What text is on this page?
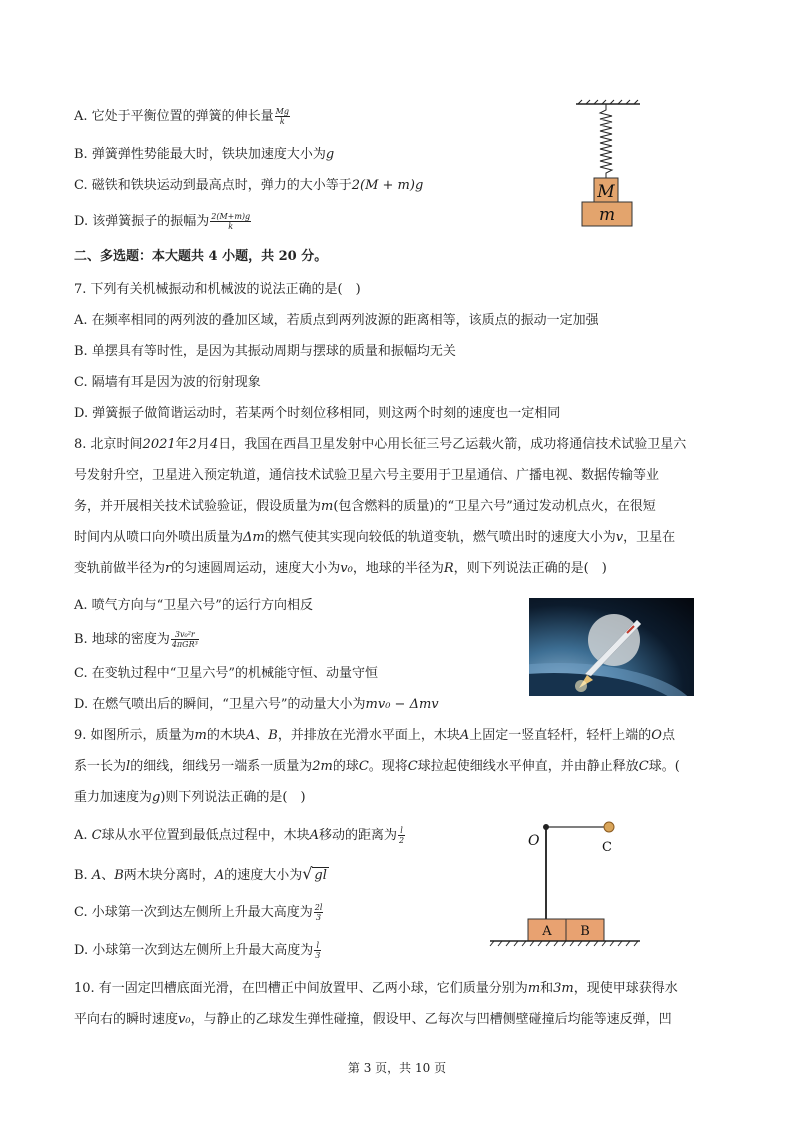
A. 它处于平衡位置的弹簧的伸长量 $\frac{Mg}{k}$
B. 弹簧弹性势能最大时，铁块加速度大小为g
C. 磁铁和铁块运动到最高点时，弹力的大小等于2(M + m)g
D. 该弹簧振子的振幅为 $\frac{2(M+m)g}{k}$
M
m
二、多选题：本大题共 4 小题，共 20 分。
7. 下列有关机械振动和机械波的说法正确的是(　)
A. 在频率相同的两列波的叠加区域，若质点到两列波源的距离相等，该质点的振动一定加强
B. 单摆具有等时性，是因为其振动周期与摆球的质量和振幅均无关
C. 隔墙有耳是因为波的衍射现象
D. 弹簧振子做简谐运动时，若某两个时刻位移相同，则这两个时刻的速度也一定相同
8. 北京时间2021年2月4日，我国在西昌卫星发射中心用长征三号乙运载火箭，成功将通信技术试验卫星六
号发射升空，卫星进入预定轨道，通信技术试验卫星六号主要用于卫星通信、广播电视、数据传输等业
务，并开展相关技术试验验证，假设质量为m(包含燃料的质量)的“卫星六号”通过发动机点火，在很短
时间内从喷口向外喷出质量为Δm的燃气使其实现向较低的轨道变轨，燃气喷出时的速度大小为v，卫星在
变轨前做半径为r的匀速圆周运动，速度大小为v₀，地球的半径为R，则下列说法正确的是(　)
A. 喷气方向与“卫星六号”的运行方向相反
B. 地球的密度为 $\frac{\text{3v₀²r}}{\text{4πGR³}}$
C. 在变轨过程中“卫星六号”的机械能守恒、动量守恒
D. 在燃气喷出后的瞬间，“卫星六号”的动量大小为mv₀ − Δmv
9. 如图所示，质量为m的木块A、B，并排放在光滑水平面上，木块A上固定一竖直轻杆，轻杆上端的O点
系一长为l的细线，细线另一端系一质量为2m的球C。现将C球拉起使细线水平伸直，并由静止释放C球。(
重力加速度为g)则下列说法正确的是(　)
A. C球从水平位置到最低点过程中，木块A移动的距离为 $\frac{l}{2}$
B. A、B两木块分离时，A的速度大小为√ gl
C. 小球第一次到达左侧所上升最大高度为 $\frac{2l}{3}$
D. 小球第一次到达左侧所上升最大高度为 $\frac{l}{3}$
O	C
A B
10. 有一固定凹槽底面光滑，在凹槽正中间放置甲、乙两小球，它们质量分别为m和3m，现使甲球获得水
平向右的瞬时速度v₀，与静止的乙球发生弹性碰撞，假设甲、乙每次与凹槽侧壁碰撞后均能等速反弹，凹
第 3 页，共 10 页
